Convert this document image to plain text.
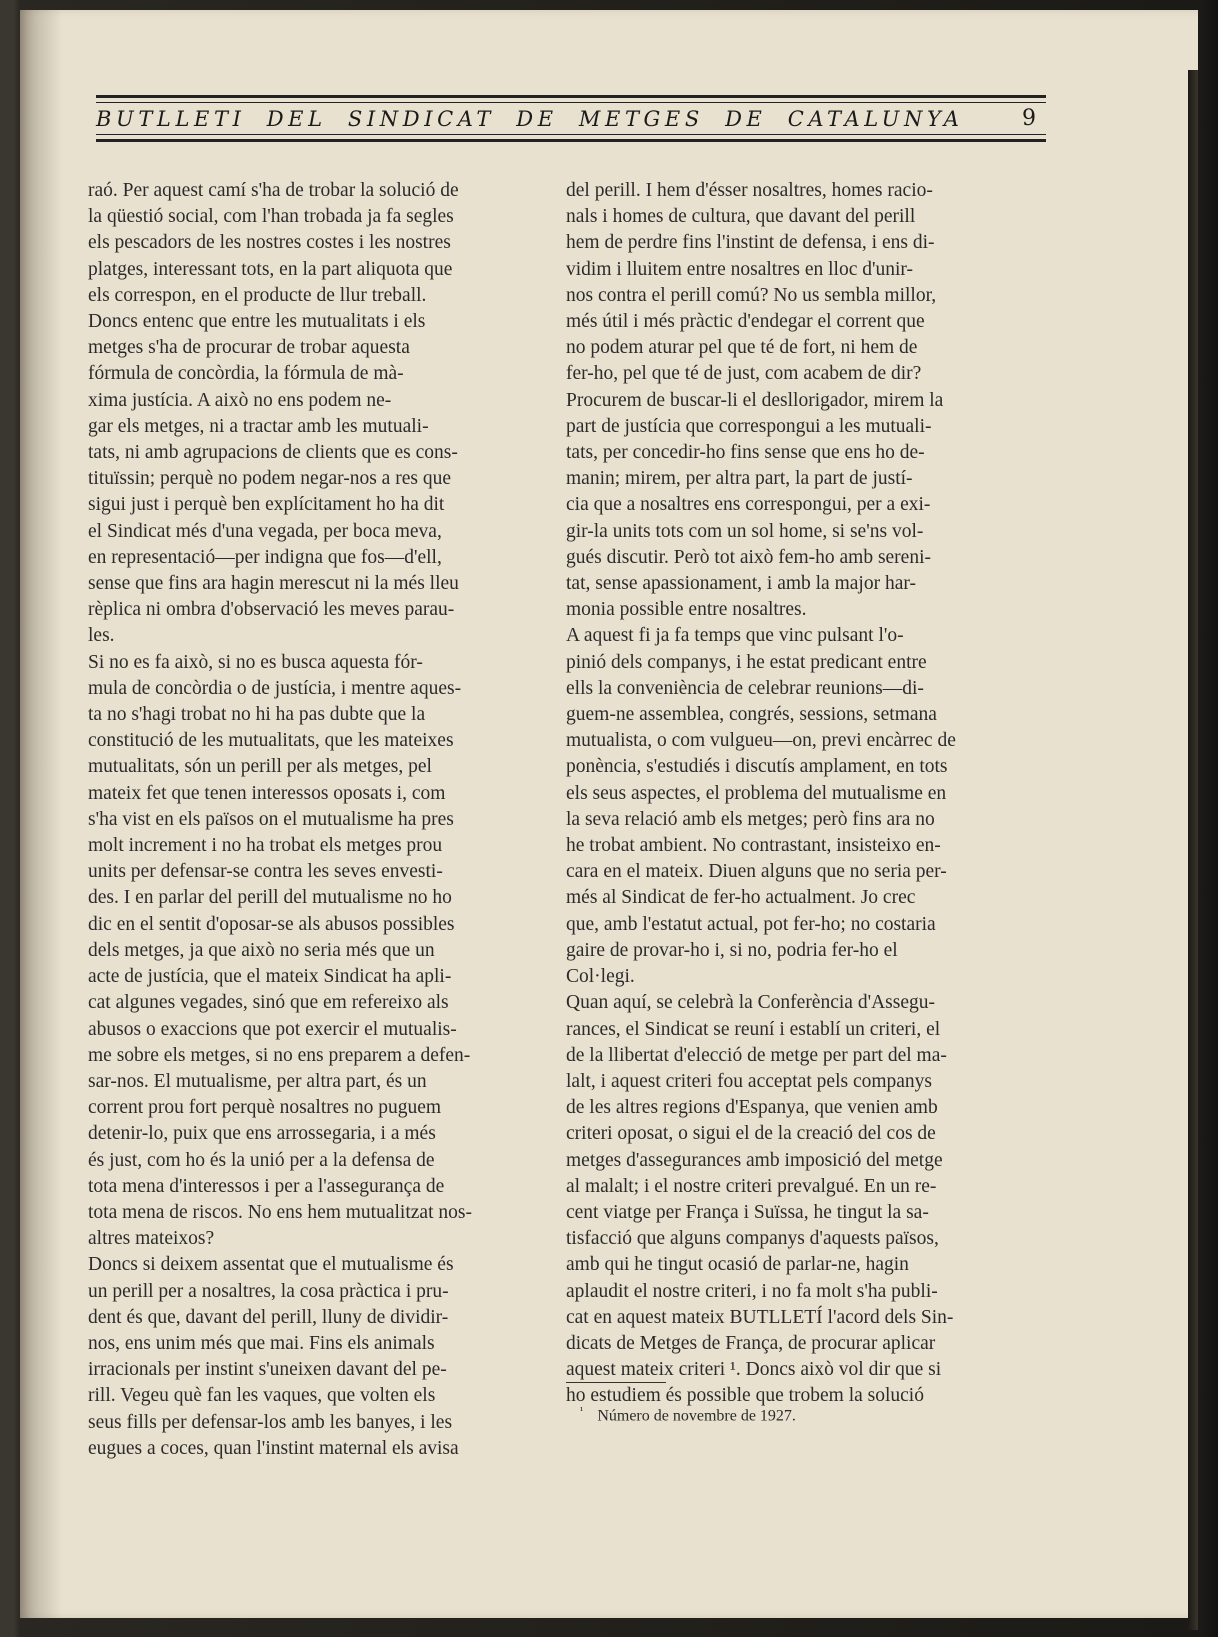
BUTLLETI DEL SINDICAT DE METGES DE CATALUNYA	9
raó. Per aquest camí s'ha de trobar la solució de
la qüestió social, com l'han trobada ja fa segles
els pescadors de les nostres costes i les nostres
platges, interessant tots, en la part aliquota que
els correspon, en el producte de llur treball.
Doncs entenc que entre les mutualitats i els
metges s'ha de procurar de trobar aquesta
fórmula de concòrdia, la fórmula de mà-
xima justícia. A això no ens podem ne-
gar els metges, ni a tractar amb les mutuali-
tats, ni amb agrupacions de clients que es cons-
tituïssin; perquè no podem negar-nos a res que
sigui just i perquè ben explícitament ho ha dit
el Sindicat més d'una vegada, per boca meva,
en representació—per indigna que fos—d'ell,
sense que fins ara hagin merescut ni la més lleu
rèplica ni ombra d'observació les meves parau-
les.
Si no es fa això, si no es busca aquesta fór-
mula de concòrdia o de justícia, i mentre aques-
ta no s'hagi trobat no hi ha pas dubte que la
constitució de les mutualitats, que les mateixes
mutualitats, són un perill per als metges, pel
mateix fet que tenen interessos oposats i, com
s'ha vist en els països on el mutualisme ha pres
molt increment i no ha trobat els metges prou
units per defensar-se contra les seves envesti-
des. I en parlar del perill del mutualisme no ho
dic en el sentit d'oposar-se als abusos possibles
dels metges, ja que això no seria més que un
acte de justícia, que el mateix Sindicat ha apli-
cat algunes vegades, sinó que em refereixo als
abusos o exaccions que pot exercir el mutualis-
me sobre els metges, si no ens preparem a defen-
sar-nos. El mutualisme, per altra part, és un
corrent prou fort perquè nosaltres no puguem
detenir-lo, puix que ens arrossegaria, i a més
és just, com ho és la unió per a la defensa de
tota mena d'interessos i per a l'assegurança de
tota mena de riscos. No ens hem mutualitzat nos-
altres mateixos?
Doncs si deixem assentat que el mutualisme és
un perill per a nosaltres, la cosa pràctica i pru-
dent és que, davant del perill, lluny de dividir-
nos, ens unim més que mai. Fins els animals
irracionals per instint s'uneixen davant del pe-
rill. Vegeu què fan les vaques, que volten els
seus fills per defensar-los amb les banyes, i les
eugues a coces, quan l'instint maternal els avisa
del perill. I hem d'ésser nosaltres, homes racio-
nals i homes de cultura, que davant del perill
hem de perdre fins l'instint de defensa, i ens di-
vidim i lluitem entre nosaltres en lloc d'unir-
nos contra el perill comú? No us sembla millor,
més útil i més pràctic d'endegar el corrent que
no podem aturar pel que té de fort, ni hem de
fer-ho, pel que té de just, com acabem de dir?
Procurem de buscar-li el desllorigador, mirem la
part de justícia que correspongui a les mutuali-
tats, per concedir-ho fins sense que ens ho de-
manin; mirem, per altra part, la part de justí-
cia que a nosaltres ens correspongui, per a exi-
gir-la units tots com un sol home, si se'ns vol-
gués discutir. Però tot això fem-ho amb sereni-
tat, sense apassionament, i amb la major har-
monia possible entre nosaltres.
A aquest fi ja fa temps que vinc pulsant l'o-
pinió dels companys, i he estat predicant entre
ells la conveniència de celebrar reunions—di-
guem-ne assemblea, congrés, sessions, setmana
mutualista, o com vulgueu—on, previ encàrrec de
ponència, s'estudiés i discutís amplament, en tots
els seus aspectes, el problema del mutualisme en
la seva relació amb els metges; però fins ara no
he trobat ambient. No contrastant, insisteixo en-
cara en el mateix. Diuen alguns que no seria per-
més al Sindicat de fer-ho actualment. Jo crec
que, amb l'estatut actual, pot fer-ho; no costaria
gaire de provar-ho i, si no, podria fer-ho el
Col·legi.
Quan aquí, se celebrà la Conferència d'Assegu-
rances, el Sindicat se reuní i establí un criteri, el
de la llibertat d'elecció de metge per part del ma-
lalt, i aquest criteri fou acceptat pels companys
de les altres regions d'Espanya, que venien amb
criteri oposat, o sigui el de la creació del cos de
metges d'assegurances amb imposició del metge
al malalt; i el nostre criteri prevalgué. En un re-
cent viatge per França i Suïssa, he tingut la sa-
tisfacció que alguns companys d'aquests països,
amb qui he tingut ocasió de parlar-ne, hagin
aplaudit el nostre criteri, i no fa molt s'ha publi-
cat en aquest mateix BUTLLETÍ l'acord dels Sin-
dicats de Metges de França, de procurar aplicar
aquest mateix criteri ¹. Doncs això vol dir que si
ho estudiem és possible que trobem la solució
$^{^1}$ Número de novembre de 1927.
